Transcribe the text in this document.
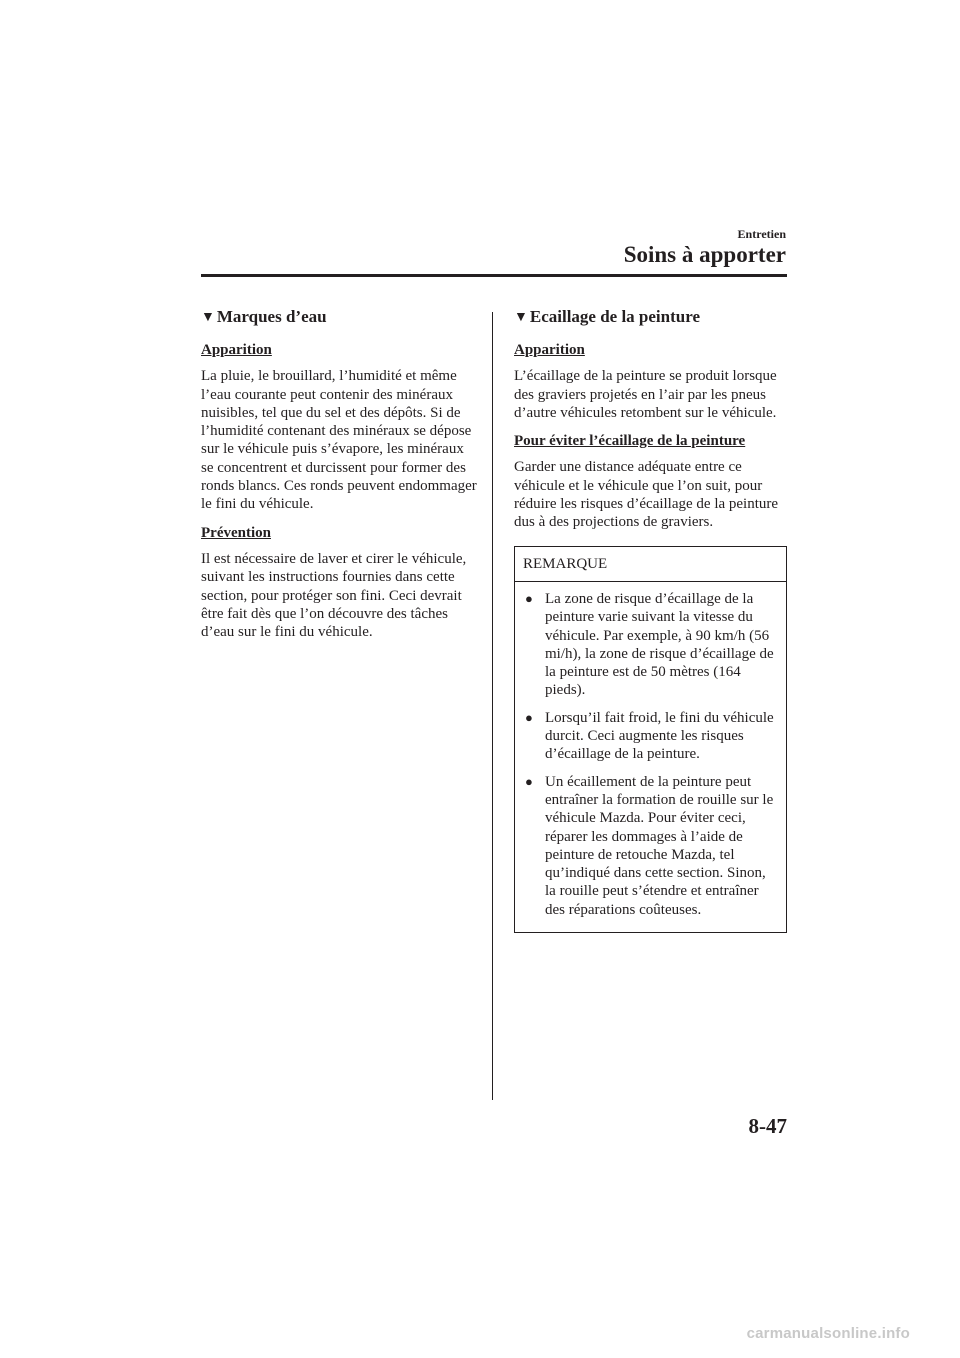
Entretien
Soins à apporter
▼ Marques d’eau
Apparition

La pluie, le brouillard, l’humidité et même l’eau courante peut contenir des minéraux nuisibles, tel que du sel et des dépôts. Si de l’humidité contenant des minéraux se dépose sur le véhicule puis s’évapore, les minéraux se concentrent et durcissent pour former des ronds blancs. Ces ronds peuvent endommager le fini du véhicule.

Prévention

Il est nécessaire de laver et cirer le véhicule, suivant les instructions fournies dans cette section, pour protéger son fini. Ceci devrait être fait dès que l’on découvre des tâches d’eau sur le fini du véhicule.

▼ Ecaillage de la peinture
Apparition

L’écaillage de la peinture se produit lorsque des graviers projetés en l’air par les pneus d’autre véhicules retombent sur le véhicule.

Pour éviter l’écaillage de la peinture

Garder une distance adéquate entre ce véhicule et le véhicule que l’on suit, pour réduire les risques d’écaillage de la peinture dus à des projections de graviers.

REMARQUE
● La zone de risque d’écaillage de la peinture varie suivant la vitesse du véhicule. Par exemple, à 90 km/h (56 mi/h), la zone de risque d’écaillage de la peinture est de 50 mètres (164 pieds).
● Lorsqu’il fait froid, le fini du véhicule durcit. Ceci augmente les risques d’écaillage de la peinture.
● Un écaillement de la peinture peut entraîner la formation de rouille sur le véhicule Mazda. Pour éviter ceci, réparer les dommages à l’aide de peinture de retouche Mazda, tel qu’indiqué dans cette section. Sinon, la rouille peut s’étendre et entraîner des réparations coûteuses.
8-47
carmanualsonline.info
